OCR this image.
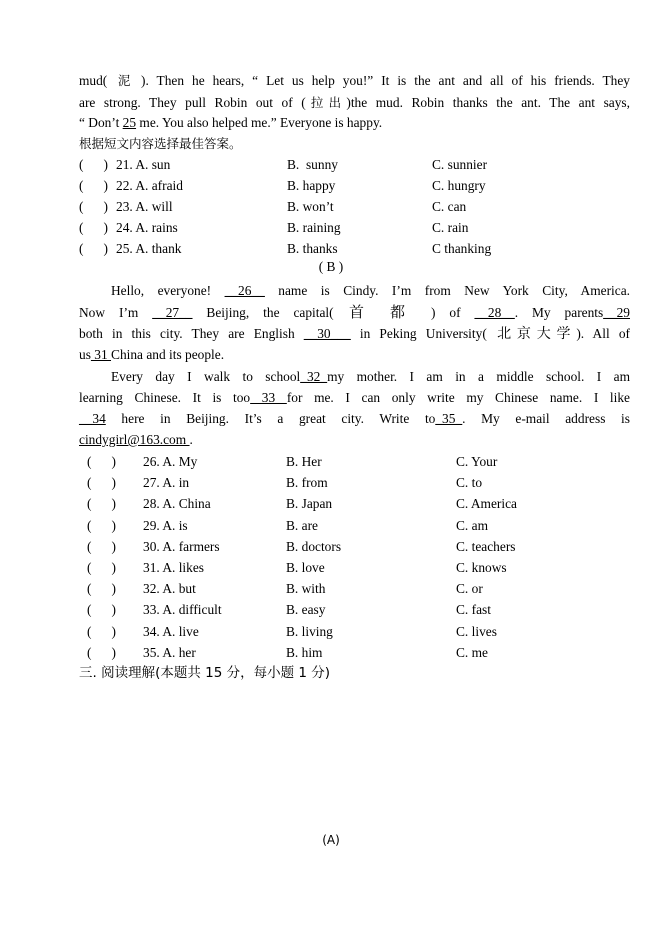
mud( 泥 ). Then he hears, “ Let us help you!” It is the ant and all of his friends. They
are strong. They pull Robin out of (拉出)the mud. Robin thanks the ant. The ant says,
“ Don’t 25 me. You also helped me.” Everyone is happy.
根据短文内容选择最佳答案。
(      ) 21. A. sun	B.  sunny	C. sunnier
(      ) 22. A. afraid	B. happy	C. hungry
(      ) 23. A. will	B. won’t	C. can
(      ) 24. A. rains	B. raining	C. rain
(      ) 25. A. thank	B. thanks	C thanking
( B )
Hello, everyone! __26__ name is Cindy. I’m from New York City, America.
Now I’m __27__ Beijing, the capital( 首 都 ) of __28__. My parents__29
both in this city. They are English __30___ in Peking University( 北京大学). All of
us 31 China and its people.
Every day I walk to school_32_my mother. I am in a middle school. I am
learning Chinese. It is too 33 for me. I can only write my Chinese name. I like
__34 here in Beijing. It’s a great city. Write to_35_. My e-mail address is
cindygirl@163.com .
(      ) 26. A. My	B. Her	C. Your
(      ) 27. A. in	B. from	C. to
(      ) 28. A. China	B. Japan	C. America
(      ) 29. A. is	B. are	C. am
(      ) 30. A. farmers	B. doctors	C. teachers
(      ) 31. A. likes	B. love	C. knows
(      ) 32. A. but	B. with	C. or
(      ) 33. A. difficult	B. easy	C. fast
(      ) 34. A. live	B. living	C. lives
(      ) 35. A. her	B. him	C. me
三. 阅读理解(本题共 15 分，每小题 1 分)
(A)
